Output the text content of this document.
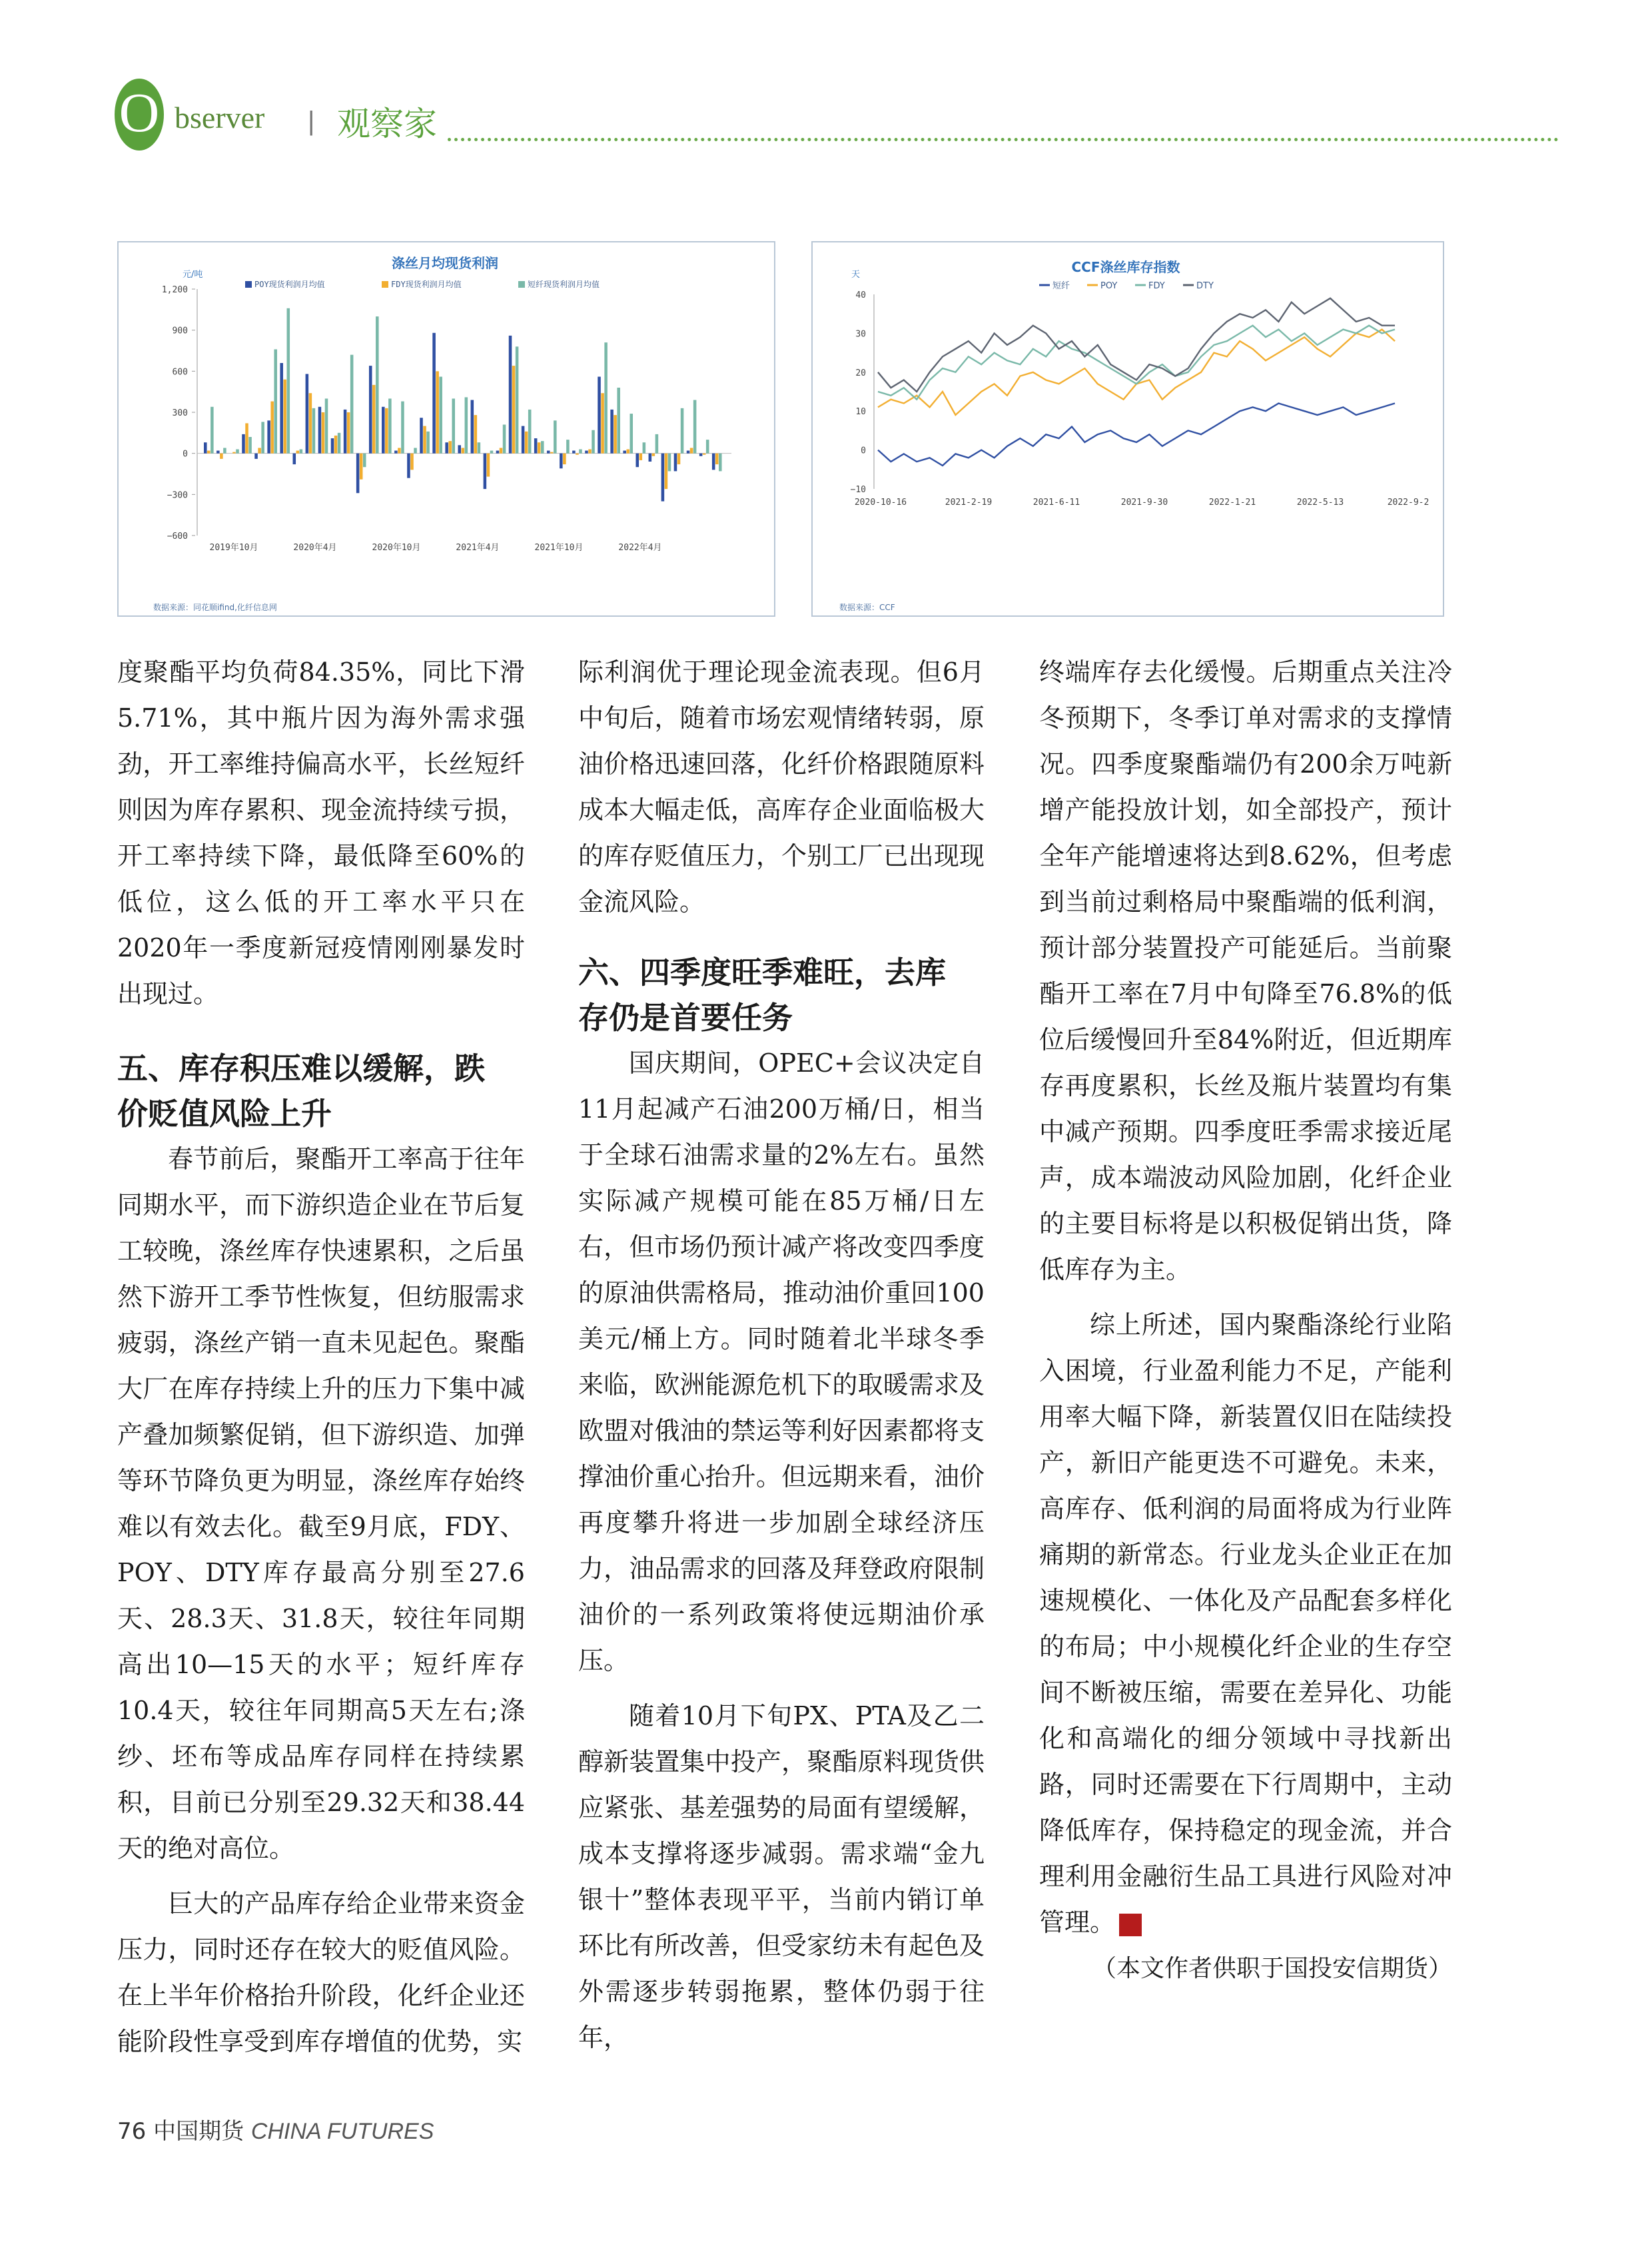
O bserver | 观察家
涤丝月均现货利润
元/吨
POY现货利润月均值	FDY现货利润月均值	短纤现货利润月均值
1,200
900
600
300
0
−300
−600
2019年10月	2020年4月	2020年10月	2021年4月	2021年10月	2022年4月
数据来源：同花顺ifind,化纤信息网
CCF涤丝库存指数
天
短纤	POY	FDY	DTY
40
30
20
10
0
−10
2020-10-16	2021-2-19	2021-6-11	2021-9-30	2022-1-21	2022-5-13	2022-9-2
数据来源：CCF

度聚酯平均负荷84.35%，同比下滑5.71%，其中瓶片因为海外需求强劲，开工率维持偏高水平，长丝短纤则因为库存累积、现金流持续亏损，开工率持续下降，最低降至60%的低位，这么低的开工率水平只在2020年一季度新冠疫情刚刚暴发时出现过。

五、库存积压难以缓解，跌
价贬值风险上升

春节前后，聚酯开工率高于往年同期水平，而下游织造企业在节后复工较晚，涤丝库存快速累积，之后虽然下游开工季节性恢复，但纺服需求疲弱，涤丝产销一直未见起色。聚酯大厂在库存持续上升的压力下集中减产叠加频繁促销，但下游织造、加弹等环节降负更为明显，涤丝库存始终难以有效去化。截至9月底，FDY、POY、DTY库存最高分别至27.6天、28.3天、31.8天，较往年同期高出10—15天的水平；短纤库存10.4天，较往年同期高5天左右;涤纱、坯布等成品库存同样在持续累积，目前已分别至29.32天和38.44天的绝对高位。

巨大的产品库存给企业带来资金压力，同时还存在较大的贬值风险。在上半年价格抬升阶段，化纤企业还能阶段性享受到库存增值的优势，实

际利润优于理论现金流表现。但6月中旬后，随着市场宏观情绪转弱，原油价格迅速回落，化纤价格跟随原料成本大幅走低，高库存企业面临极大的库存贬值压力，个别工厂已出现现金流风险。

六、四季度旺季难旺，去库
存仍是首要任务

国庆期间，OPEC+会议决定自11月起减产石油200万桶/日，相当于全球石油需求量的2%左右。虽然实际减产规模可能在85万桶/日左右，但市场仍预计减产将改变四季度的原油供需格局，推动油价重回100美元/桶上方。同时随着北半球冬季来临，欧洲能源危机下的取暖需求及欧盟对俄油的禁运等利好因素都将支撑油价重心抬升。但远期来看，油价再度攀升将进一步加剧全球经济压力，油品需求的回落及拜登政府限制油价的一系列政策将使远期油价承压。

随着10月下旬PX、PTA及乙二醇新装置集中投产，聚酯原料现货供应紧张、基差强势的局面有望缓解，成本支撑将逐步减弱。需求端“金九银十”整体表现平平，当前内销订单环比有所改善，但受家纺未有起色及外需逐步转弱拖累，整体仍弱于往年，

终端库存去化缓慢。后期重点关注冷冬预期下，冬季订单对需求的支撑情况。四季度聚酯端仍有200余万吨新增产能投放计划，如全部投产，预计全年产能增速将达到8.62%，但考虑到当前过剩格局中聚酯端的低利润，预计部分装置投产可能延后。当前聚酯开工率在7月中旬降至76.8%的低位后缓慢回升至84%附近，但近期库存再度累积，长丝及瓶片装置均有集中减产预期。四季度旺季需求接近尾声，成本端波动风险加剧，化纤企业的主要目标将是以积极促销出货，降低库存为主。

综上所述，国内聚酯涤纶行业陷入困境，行业盈利能力不足，产能利用率大幅下降，新装置仅旧在陆续投产，新旧产能更迭不可避免。未来，高库存、低利润的局面将成为行业阵痛期的新常态。行业龙头企业正在加速规模化、一体化及产品配套多样化的布局；中小规模化纤企业的生存空间不断被压缩，需要在差异化、功能化和高端化的细分领域中寻找新出路，同时还需要在下行周期中，主动降低库存，保持稳定的现金流，并合理利用金融衍生品工具进行风险对冲管理。	田

（本文作者供职于国投安信期货）

76 中国期货 CHINA FUTURES
